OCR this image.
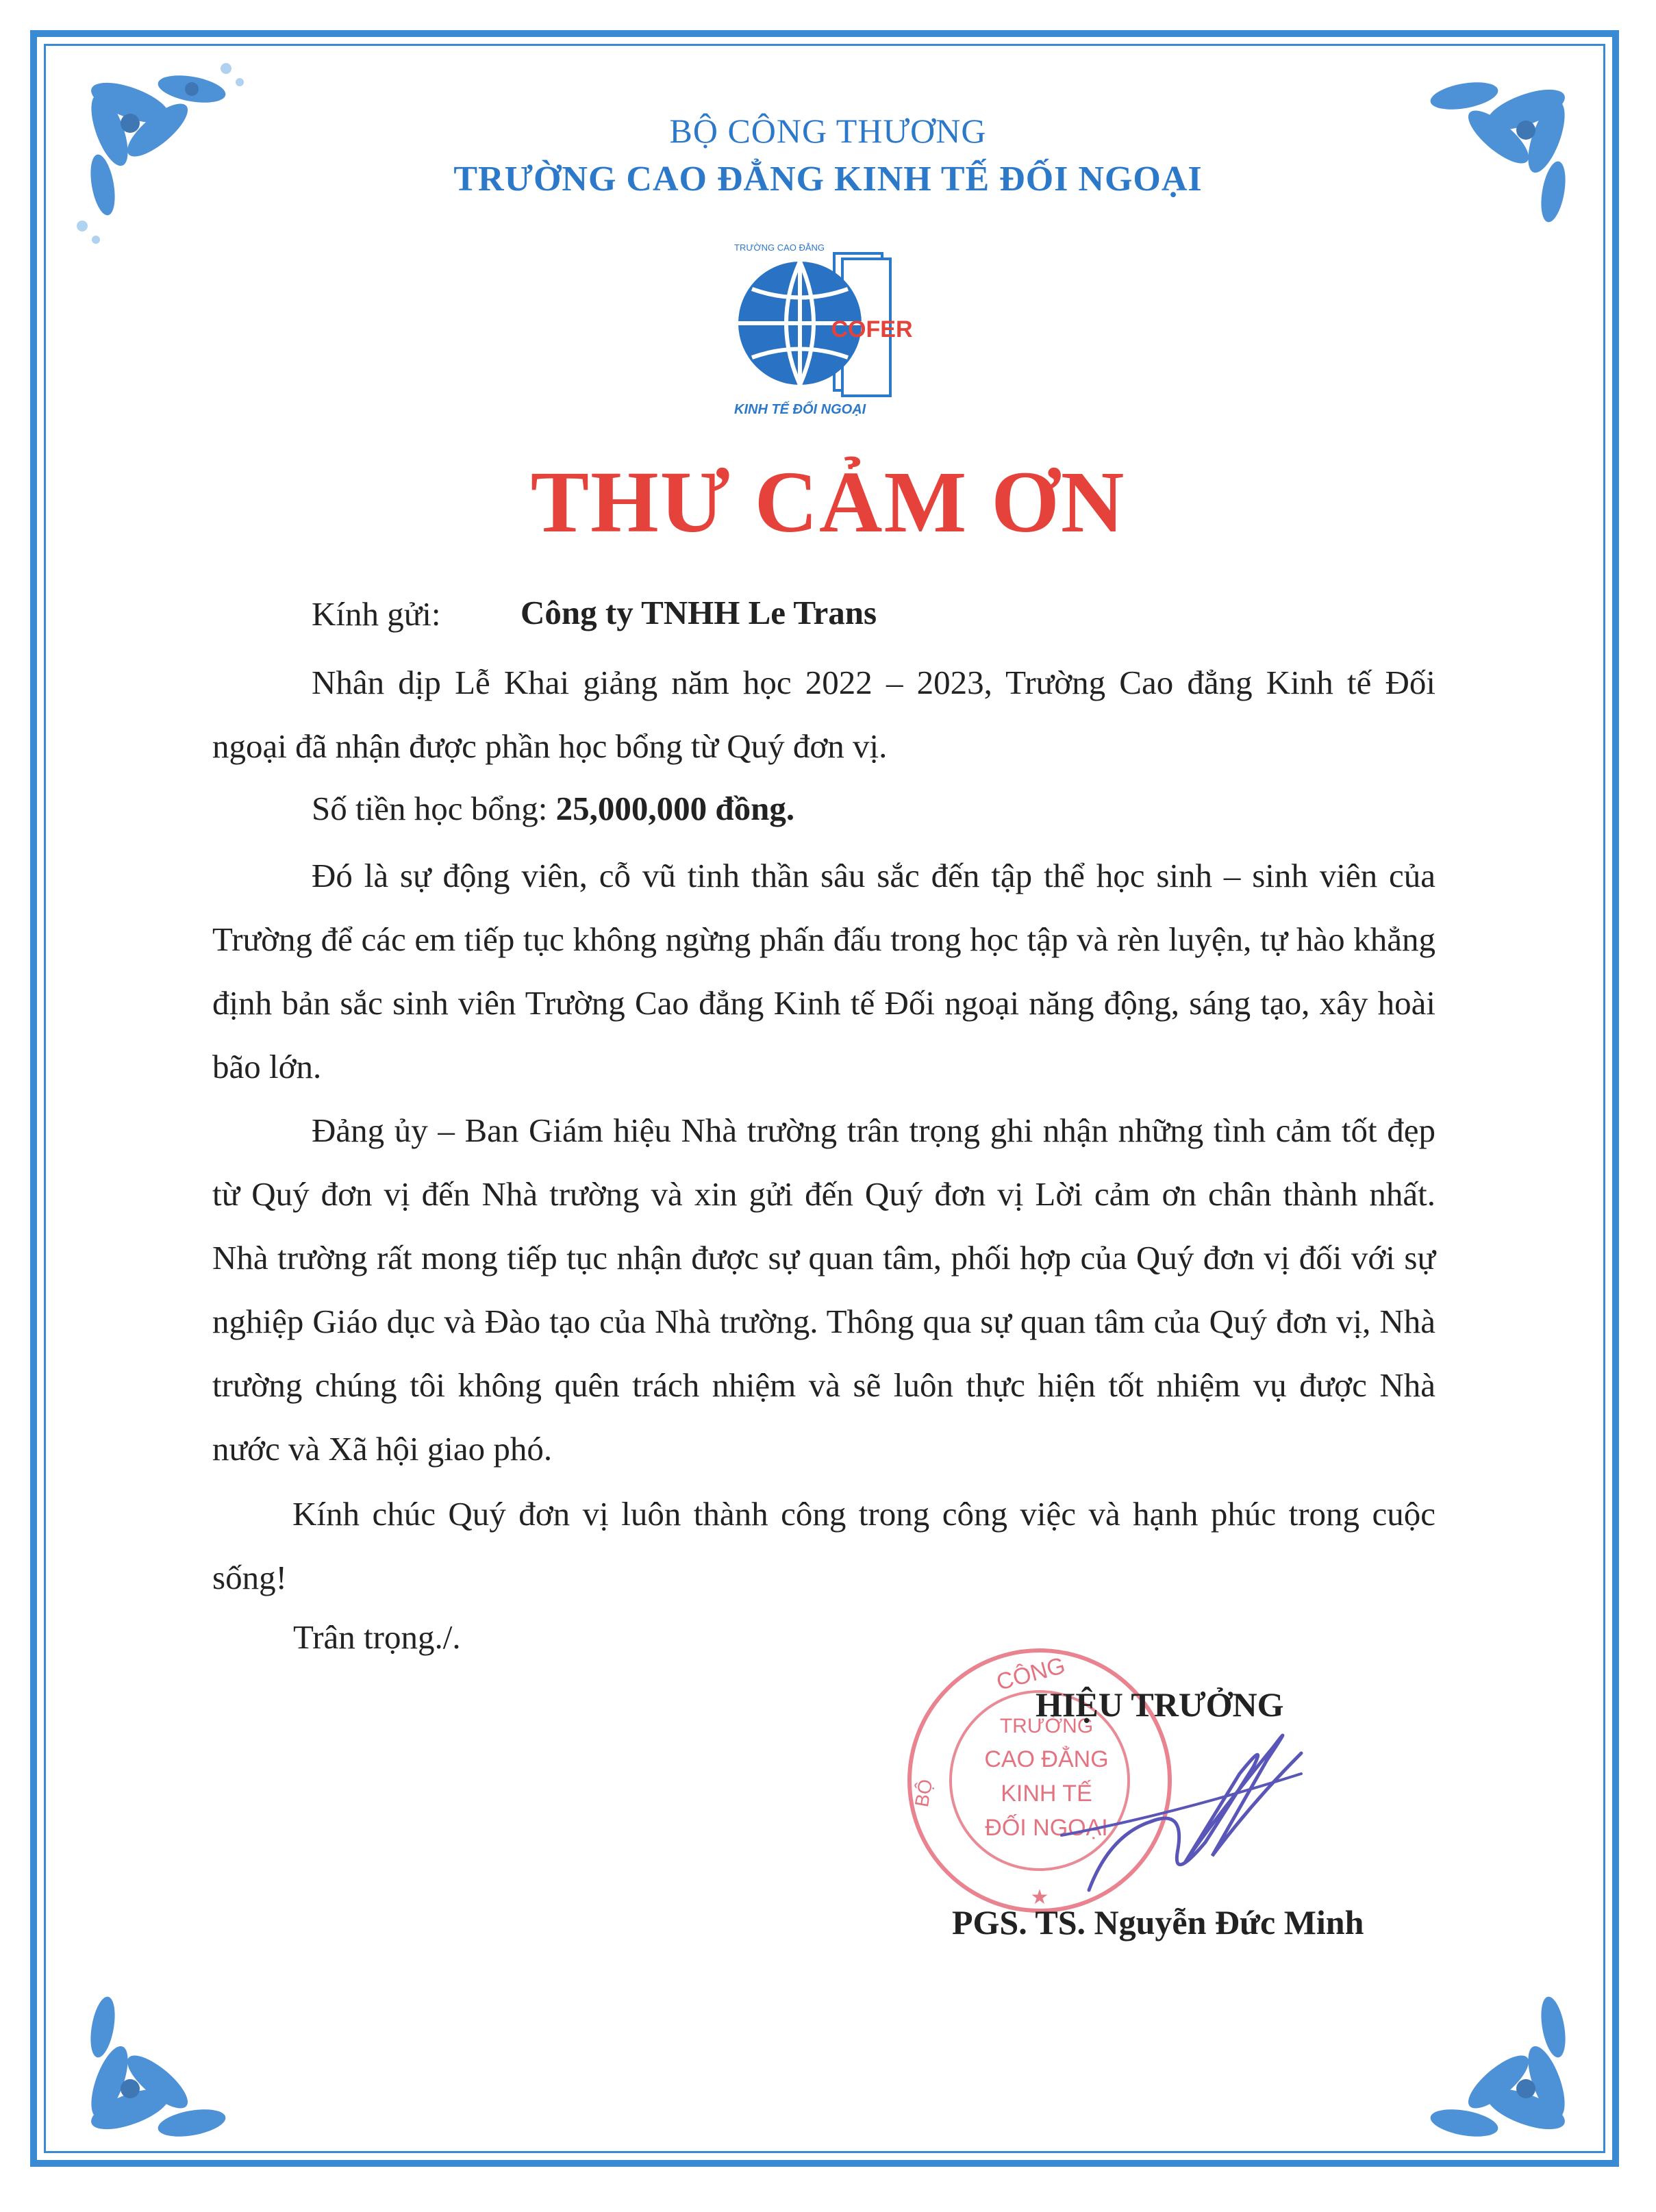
BỘ CÔNG THƯƠNG
TRƯỜNG CAO ĐẲNG KINH TẾ ĐỐI NGOẠI
COFER
TRƯỜNG CAO ĐẲNG
KINH TẾ ĐỐI NGOẠI
THƯ CẢM ƠN
Kính gửi: Công ty TNHH Le Trans
Nhân dịp Lễ Khai giảng năm học 2022 – 2023, Trường Cao đẳng Kinh tế Đối ngoại đã nhận được phần học bổng từ Quý đơn vị.
Số tiền học bổng: 25,000,000 đồng.
Đó là sự động viên, cỗ vũ tinh thần sâu sắc đến tập thể học sinh – sinh viên của Trường để các em tiếp tục không ngừng phấn đấu trong học tập và rèn luyện, tự hào khẳng định bản sắc sinh viên Trường Cao đẳng Kinh tế Đối ngoại năng động, sáng tạo, xây hoài bão lớn.
Đảng ủy – Ban Giám hiệu Nhà trường trân trọng ghi nhận những tình cảm tốt đẹp từ Quý đơn vị đến Nhà trường và xin gửi đến Quý đơn vị Lời cảm ơn chân thành nhất. Nhà trường rất mong tiếp tục nhận được sự quan tâm, phối hợp của Quý đơn vị đối với sự nghiệp Giáo dục và Đào tạo của Nhà trường. Thông qua sự quan tâm của Quý đơn vị, Nhà trường chúng tôi không quên trách nhiệm và sẽ luôn thực hiện tốt nhiệm vụ được Nhà nước và Xã hội giao phó.
Kính chúc Quý đơn vị luôn thành công trong công việc và hạnh phúc trong cuộc sống!
Trân trọng./.
CÔNG
TRƯỜNG
CAO ĐẲNG
KINH TẾ
ĐỐI NGOẠI
BỘ
★
HIỆU TRƯỞNG
PGS. TS. Nguyễn Đức Minh
